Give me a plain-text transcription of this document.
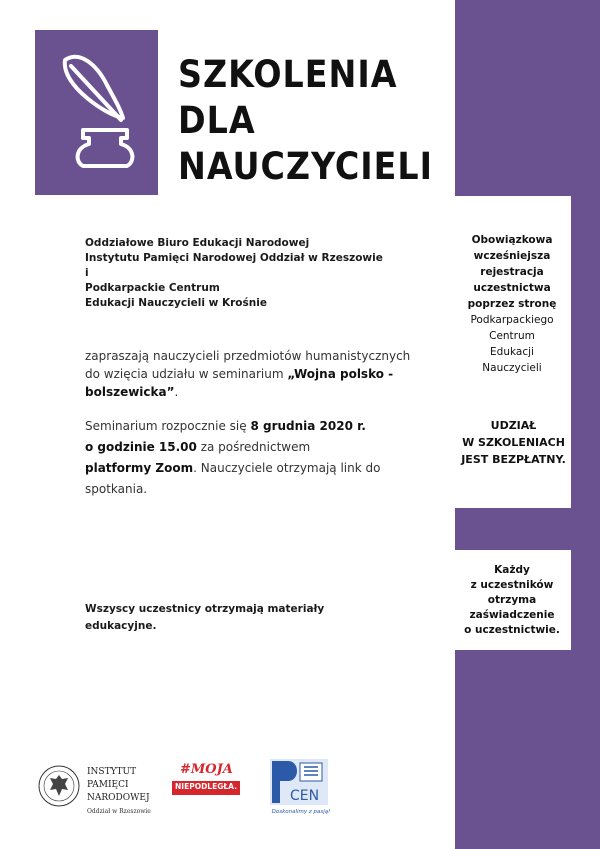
SZKOLENIA
DLA
NAUCZYCIELI
Oddziałowe Biuro Edukacji Narodowej
Instytutu Pamięci Narodowej Oddział w Rzeszowie
i
Podkarpackie Centrum
Edukacji Nauczycieli w Krośnie
zapraszają nauczycieli przedmiotów humanistycznych do wzięcia udziału w seminarium „Wojna polsko - bolszewicka”.
Seminarium rozpocznie się 8 grudnia 2020 r.
o godzinie 15.00 za pośrednictwem
platformy Zoom. Nauczyciele otrzymają link do spotkania.
Wszyscy uczestnicy otrzymają materiały edukacyjne.
Obowiązkowa
wcześniejsza
rejestracja
uczestnictwa
poprzez stronę
Podkarpackiego
Centrum
Edukacji
Nauczycieli
UDZIAŁ
W SZKOLENIACH
JEST BEZPŁATNY.
Każdy
z uczestników
otrzyma
zaświadczenie
o uczestnictwie.
INSTYTUT
PAMIĘCI
NARODOWEJ
Oddział w Rzeszowie
#MOJA
NIEPODLEGŁA.
CEN
Doskonalimy z pasją!
